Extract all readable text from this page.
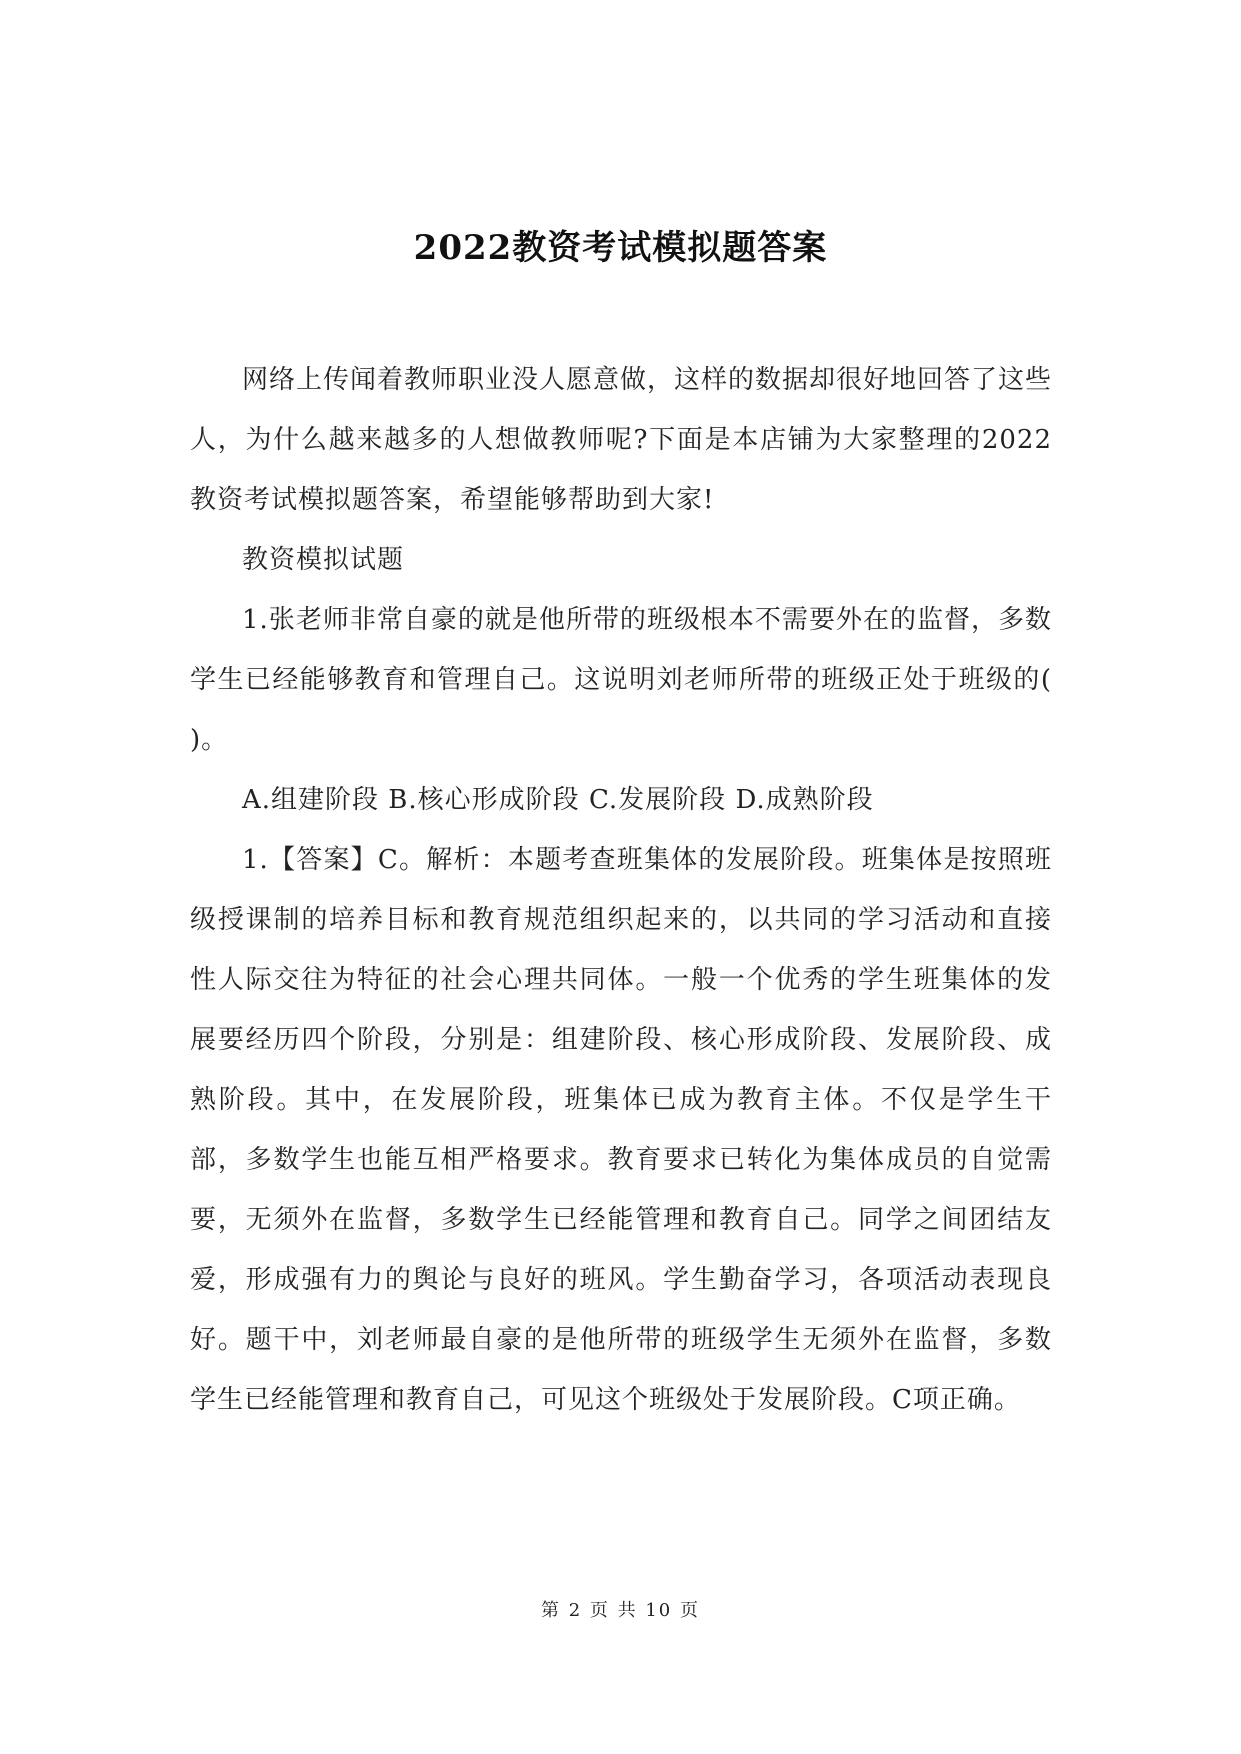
2022教资考试模拟题答案

网络上传闻着教师职业没人愿意做，这样的数据却很好地回答了这些人，为什么越来越多的人想做教师呢?下面是本店铺为大家整理的2022教资考试模拟题答案，希望能够帮助到大家!

教资模拟试题

1.张老师非常自豪的就是他所带的班级根本不需要外在的监督，多数学生已经能够教育和管理自己。这说明刘老师所带的班级正处于班级的( )。

A.组建阶段 B.核心形成阶段 C.发展阶段 D.成熟阶段

1.【答案】C。解析：本题考查班集体的发展阶段。班集体是按照班级授课制的培养目标和教育规范组织起来的，以共同的学习活动和直接性人际交往为特征的社会心理共同体。一般一个优秀的学生班集体的发展要经历四个阶段，分别是：组建阶段、核心形成阶段、发展阶段、成熟阶段。其中，在发展阶段，班集体已成为教育主体。不仅是学生干部，多数学生也能互相严格要求。教育要求已转化为集体成员的自觉需要，无须外在监督，多数学生已经能管理和教育自己。同学之间团结友爱，形成强有力的舆论与良好的班风。学生勤奋学习，各项活动表现良好。题干中，刘老师最自豪的是他所带的班级学生无须外在监督，多数学生已经能管理和教育自己，可见这个班级处于发展阶段。C项正确。

第 2 页 共 10 页
